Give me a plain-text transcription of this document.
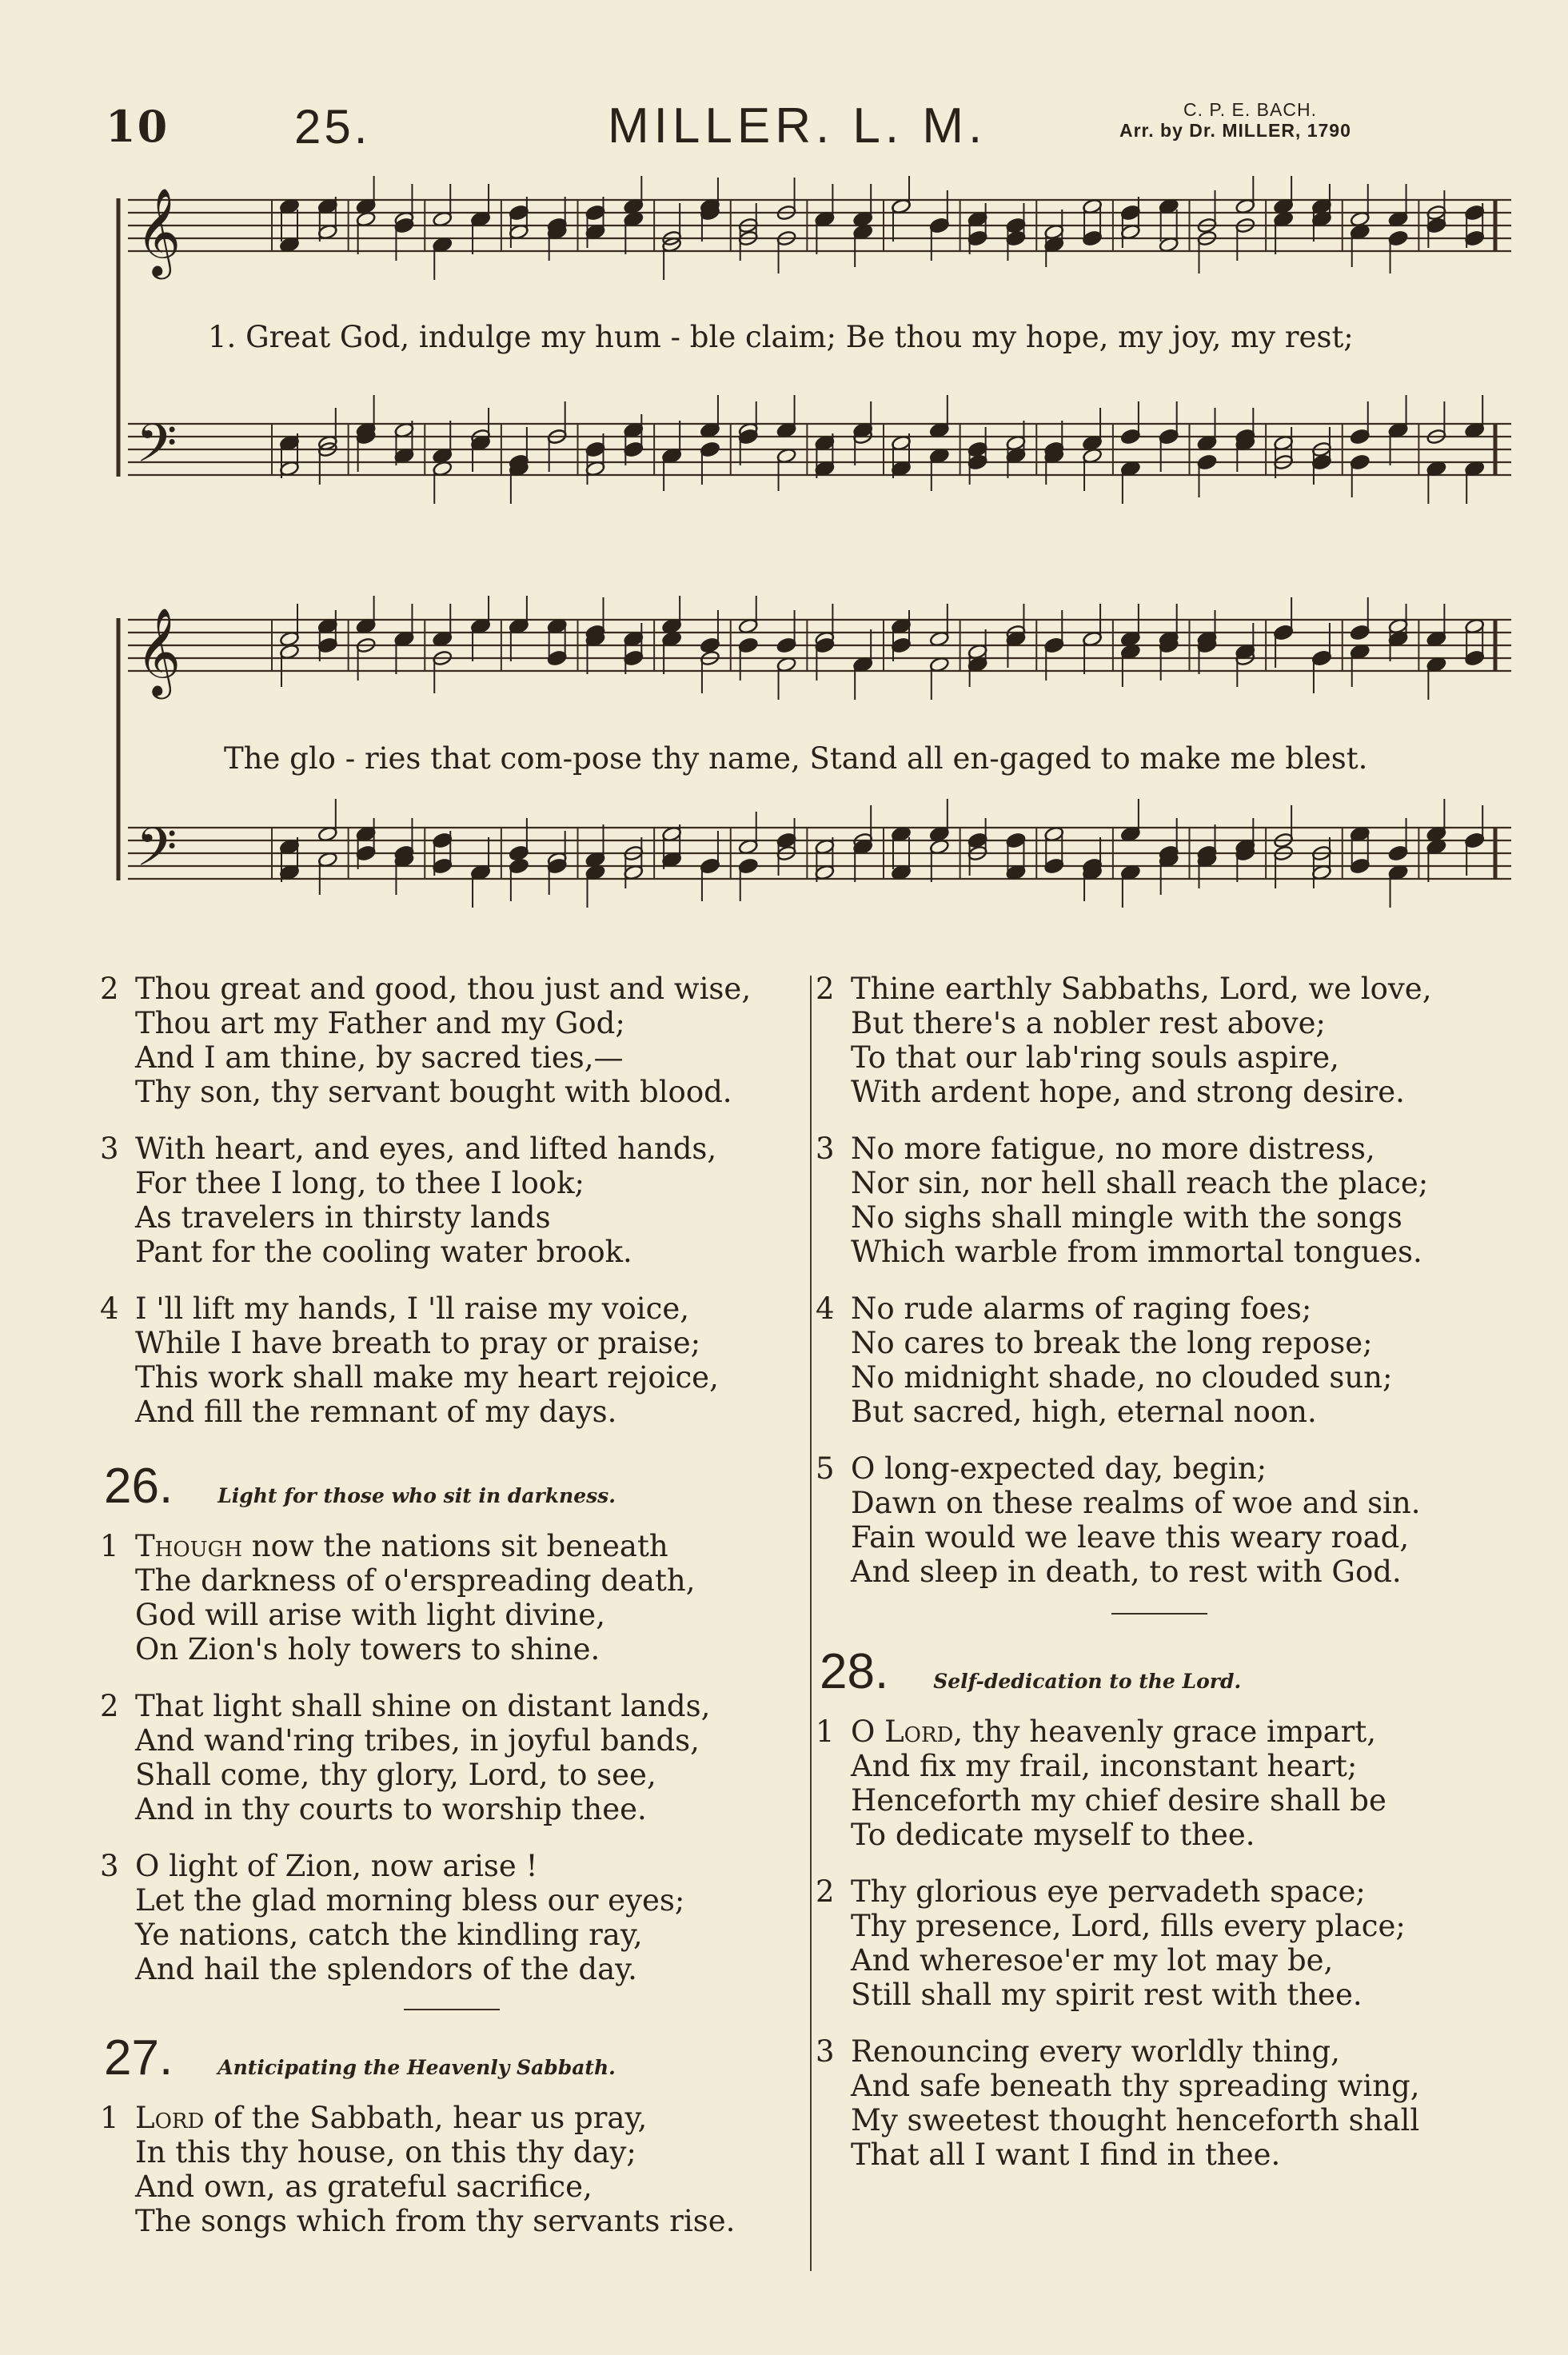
10	25.	MILLER. L. M.	C. P. E. BACH.
Arr. by Dr. MILLER, 1790
𝄞
𝄢
1. Great God, indulge my hum - ble claim; Be thou my hope, my joy, my rest;
𝄞
𝄢
The glo - ries that com-pose thy name, Stand all en-gaged to make me blest.
2 Thou great and good, thou just and wise,
Thou art my Father and my God;
And I am thine, by sacred ties,—
Thy son, thy servant bought with blood.
3 With heart, and eyes, and lifted hands,
For thee I long, to thee I look;
As travelers in thirsty lands
Pant for the cooling water brook.
4 I 'll lift my hands, I 'll raise my voice,
While I have breath to pray or praise;
This work shall make my heart rejoice,
And fill the remnant of my days.
26. Light for those who sit in darkness.
1 Though now the nations sit beneath
The darkness of o'erspreading death,
God will arise with light divine,
On Zion's holy towers to shine.
2 That light shall shine on distant lands,
And wand'ring tribes, in joyful bands,
Shall come, thy glory, Lord, to see,
And in thy courts to worship thee.
3 O light of Zion, now arise !
Let the glad morning bless our eyes;
Ye nations, catch the kindling ray,
And hail the splendors of the day.
27. Anticipating the Heavenly Sabbath.
1 Lord of the Sabbath, hear us pray,
In this thy house, on this thy day;
And own, as grateful sacrifice,
The songs which from thy servants rise.
2 Thine earthly Sabbaths, Lord, we love,
But there's a nobler rest above;
To that our lab'ring souls aspire,
With ardent hope, and strong desire.
3 No more fatigue, no more distress,
Nor sin, nor hell shall reach the place;
No sighs shall mingle with the songs
Which warble from immortal tongues.
4 No rude alarms of raging foes;
No cares to break the long repose;
No midnight shade, no clouded sun;
But sacred, high, eternal noon.
5 O long-expected day, begin;
Dawn on these realms of woe and sin.
Fain would we leave this weary road,
And sleep in death, to rest with God.
28. Self-dedication to the Lord.
1 O Lord, thy heavenly grace impart,
And fix my frail, inconstant heart;
Henceforth my chief desire shall be
To dedicate myself to thee.
2 Thy glorious eye pervadeth space;
Thy presence, Lord, fills every place;
And wheresoe'er my lot may be,
Still shall my spirit rest with thee.
3 Renouncing every worldly thing,
And safe beneath thy spreading wing,
My sweetest thought henceforth shall
That all I want I find in thee.
